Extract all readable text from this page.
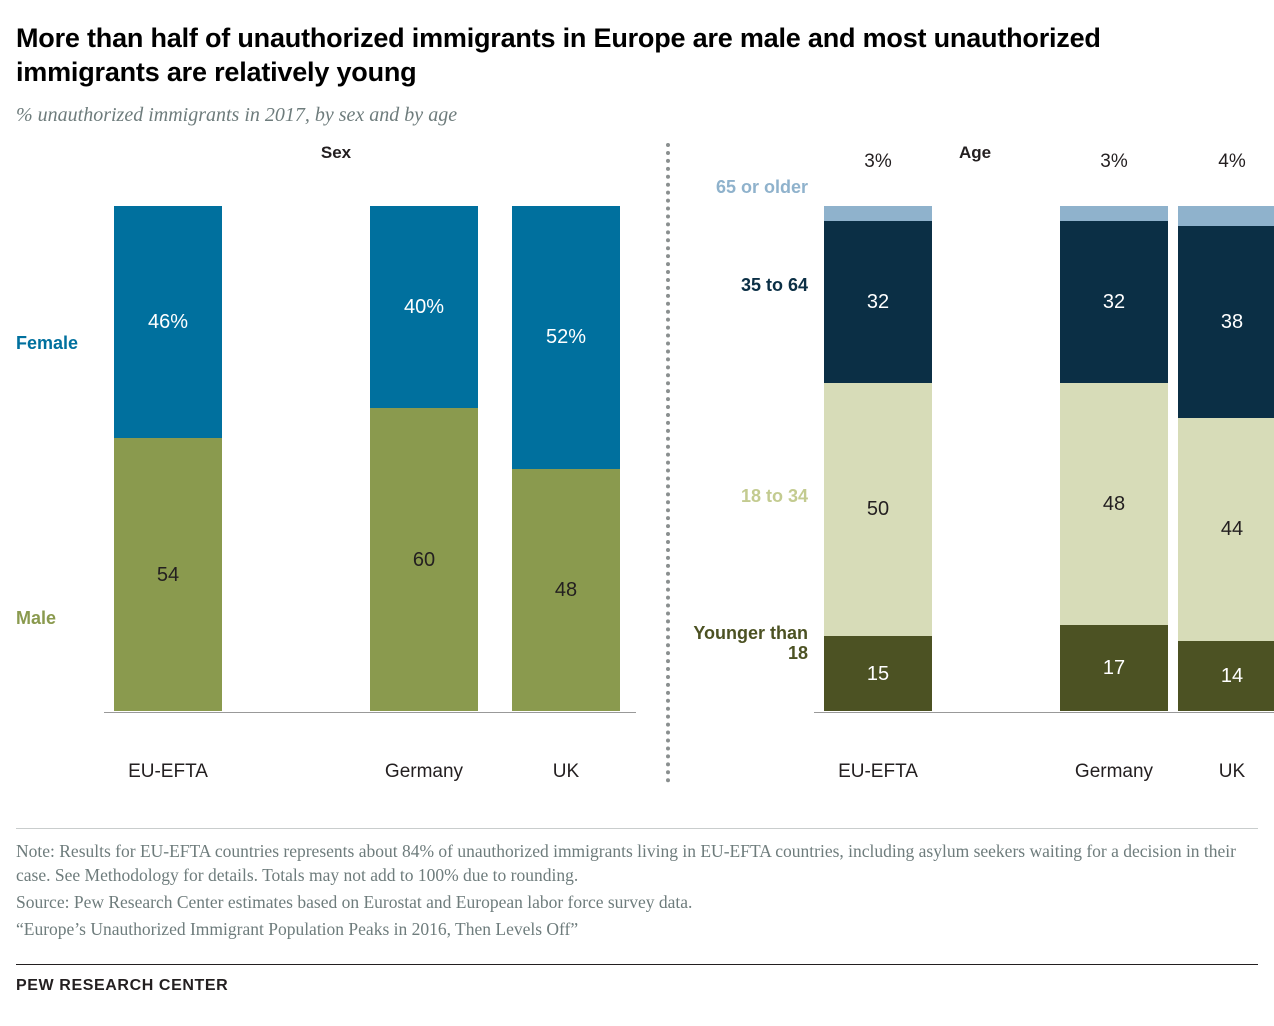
More than half of unauthorized immigrants in Europe are male and most unauthorized immigrants are relatively young
% unauthorized immigrants in 2017, by sex and by age
Sex
Female
Male
46%
54
40%
60
52%
48
EU-EFTA	Germany	UK
Age
65 or older
35 to 64
18 to 34
Younger than 18
3%
32
50
15
3%
32
48
17
4%
38
44
14
EU-EFTA	Germany	UK

Note: Results for EU-EFTA countries represents about 84% of unauthorized immigrants living in EU-EFTA countries, including asylum seekers waiting for a decision in their case. See Methodology for details. Totals may not add to 100% due to rounding.

Source: Pew Research Center estimates based on Eurostat and European labor force survey data.

“Europe’s Unauthorized Immigrant Population Peaks in 2016, Then Levels Off”

PEW RESEARCH CENTER
